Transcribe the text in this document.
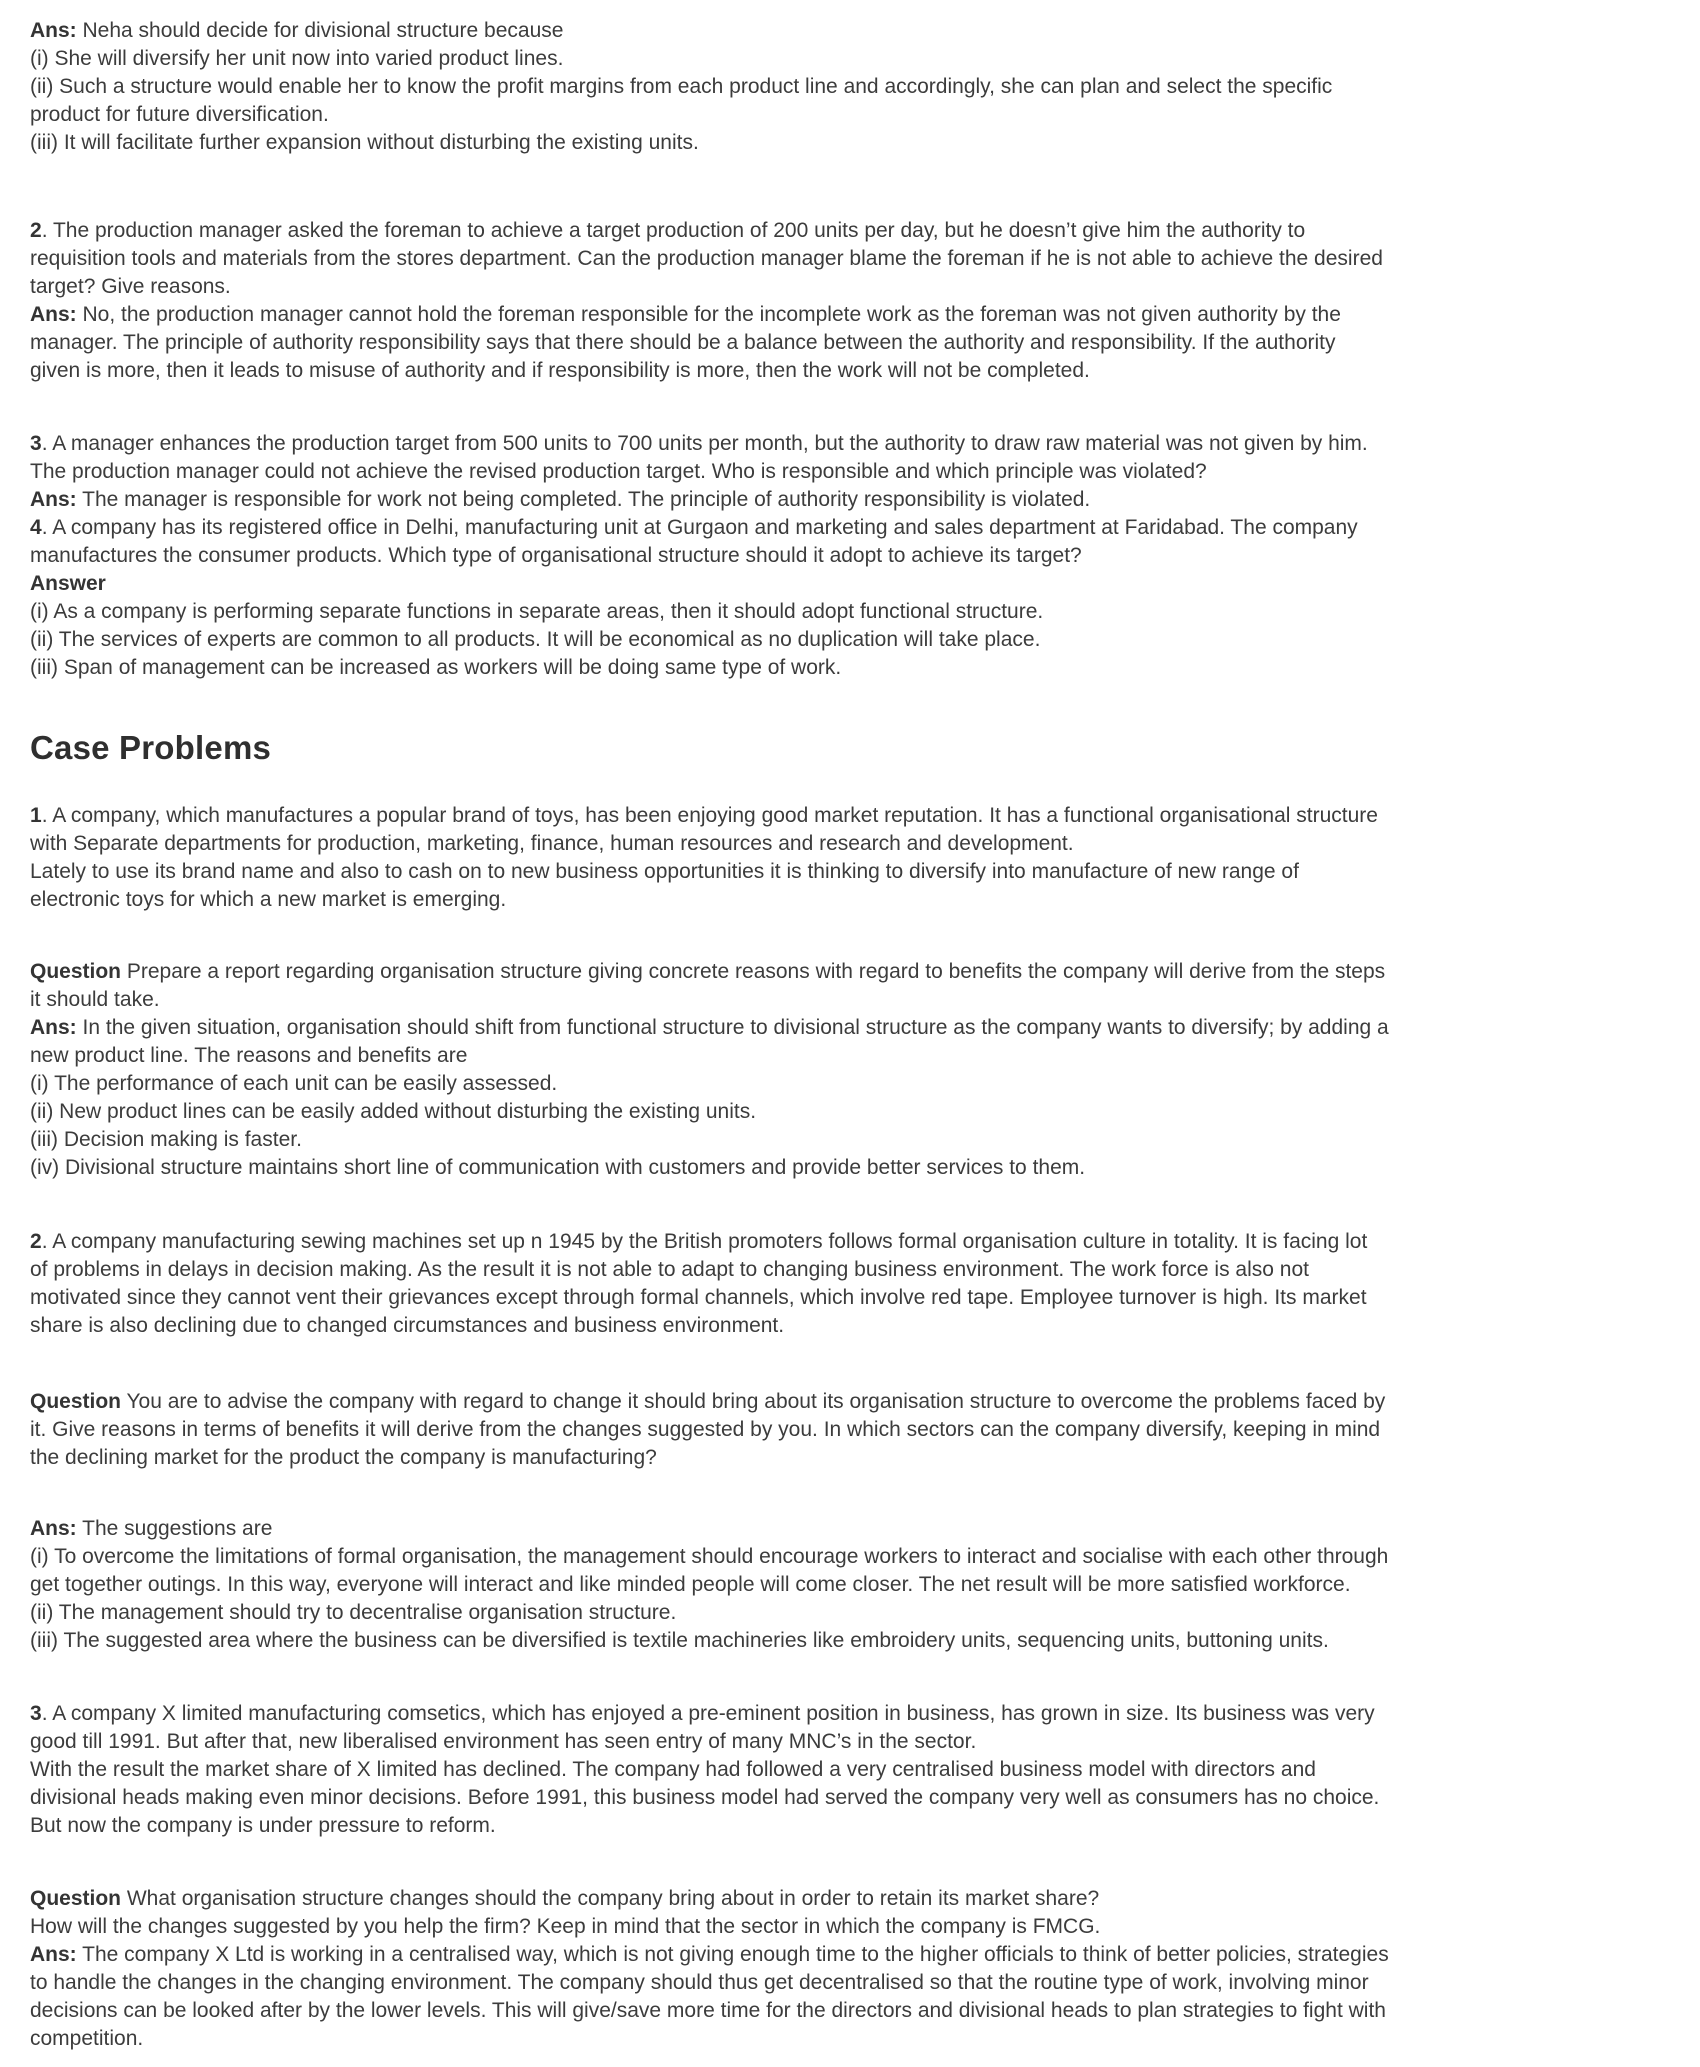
Ans: Neha should decide for divisional structure because
(i) She will diversify her unit now into varied product lines.
(ii) Such a structure would enable her to know the profit margins from each product line and accordingly, she can plan and select the specific
product for future diversification.
(iii) It will facilitate further expansion without disturbing the existing units.
2. The production manager asked the foreman to achieve a target production of 200 units per day, but he doesn’t give him the authority to
requisition tools and materials from the stores department. Can the production manager blame the foreman if he is not able to achieve the desired
target? Give reasons.
Ans: No, the production manager cannot hold the foreman responsible for the incomplete work as the foreman was not given authority by the
manager. The principle of authority responsibility says that there should be a balance between the authority and responsibility. If the authority
given is more, then it leads to misuse of authority and if responsibility is more, then the work will not be completed.
3. A manager enhances the production target from 500 units to 700 units per month, but the authority to draw raw material was not given by him.
The production manager could not achieve the revised production target. Who is responsible and which principle was violated?
Ans: The manager is responsible for work not being completed. The principle of authority responsibility is violated.
4. A company has its registered office in Delhi, manufacturing unit at Gurgaon and marketing and sales department at Faridabad. The company
manufactures the consumer products. Which type of organisational structure should it adopt to achieve its target?
Answer
(i) As a company is performing separate functions in separate areas, then it should adopt functional structure.
(ii) The services of experts are common to all products. It will be economical as no duplication will take place.
(iii) Span of management can be increased as workers will be doing same type of work.
Case Problems
1. A company, which manufactures a popular brand of toys, has been enjoying good market reputation. It has a functional organisational structure
with Separate departments for production, marketing, finance, human resources and research and development.
Lately to use its brand name and also to cash on to new business opportunities it is thinking to diversify into manufacture of new range of
electronic toys for which a new market is emerging.
Question Prepare a report regarding organisation structure giving concrete reasons with regard to benefits the company will derive from the steps
it should take.
Ans: In the given situation, organisation should shift from functional structure to divisional structure as the company wants to diversify; by adding a
new product line. The reasons and benefits are
(i) The performance of each unit can be easily assessed.
(ii) New product lines can be easily added without disturbing the existing units.
(iii) Decision making is faster.
(iv) Divisional structure maintains short line of communication with customers and provide better services to them.
2. A company manufacturing sewing machines set up n 1945 by the British promoters follows formal organisation culture in totality. It is facing lot
of problems in delays in decision making. As the result it is not able to adapt to changing business environment. The work force is also not
motivated since they cannot vent their grievances except through formal channels, which involve red tape. Employee turnover is high. Its market
share is also declining due to changed circumstances and business environment.
Question You are to advise the company with regard to change it should bring about its organisation structure to overcome the problems faced by
it. Give reasons in terms of benefits it will derive from the changes suggested by you. In which sectors can the company diversify, keeping in mind
the declining market for the product the company is manufacturing?
Ans: The suggestions are
(i) To overcome the limitations of formal organisation, the management should encourage workers to interact and socialise with each other through
get together outings. In this way, everyone will interact and like minded people will come closer. The net result will be more satisfied workforce.
(ii) The management should try to decentralise organisation structure.
(iii) The suggested area where the business can be diversified is textile machineries like embroidery units, sequencing units, buttoning units.
3. A company X limited manufacturing comsetics, which has enjoyed a pre-eminent position in business, has grown in size. Its business was very
good till 1991. But after that, new liberalised environment has seen entry of many MNC’s in the sector.
With the result the market share of X limited has declined. The company had followed a very centralised business model with directors and
divisional heads making even minor decisions. Before 1991, this business model had served the company very well as consumers has no choice.
But now the company is under pressure to reform.
Question What organisation structure changes should the company bring about in order to retain its market share?
How will the changes suggested by you help the firm? Keep in mind that the sector in which the company is FMCG.
Ans: The company X Ltd is working in a centralised way, which is not giving enough time to the higher officials to think of better policies, strategies
to handle the changes in the changing environment. The company should thus get decentralised so that the routine type of work, involving minor
decisions can be looked after by the lower levels. This will give/save more time for the directors and divisional heads to plan strategies to fight with
competition.
